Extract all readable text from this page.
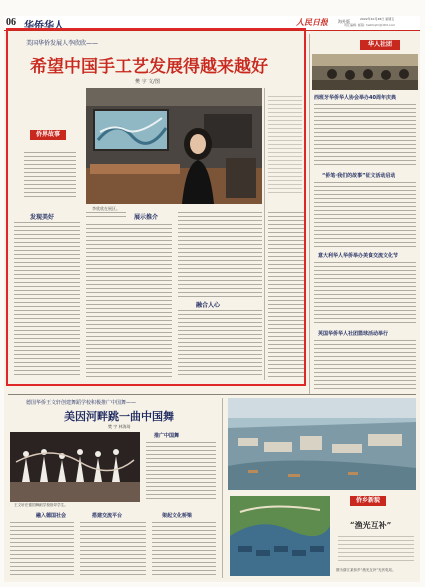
06 华侨华人	人民日报	海外版	2022年10月28日 星期五
责任编辑: 邮箱: hwbhqhr@163.com
美国华侨发展人李欣欣——
希望中国手工艺发展得越来越好
樊 宇 文/图
李欣欣在展区。
侨界故事
发现美好	展示推介
融合人心
华人社团
西班牙华侨华人协会举办40周年庆典
“侨笔·我们的故事”征文活动启动
意大利华人华侨举办美食交流文化节
英国华侨华人社团篮球活动举行
德国华侨王文轩创建舞蹈学校积极推广中国舞——
美因河畔跳一曲中国舞
樊 宇 林海琦
王文轩在德国舞蹈学校指导学生。
推广中国舞
融入德国社会	搭建交流平台	架起文化桥梁
侨乡新貌
“渔光互补”
图为浙江某侨乡“渔光互补”光伏电站。
